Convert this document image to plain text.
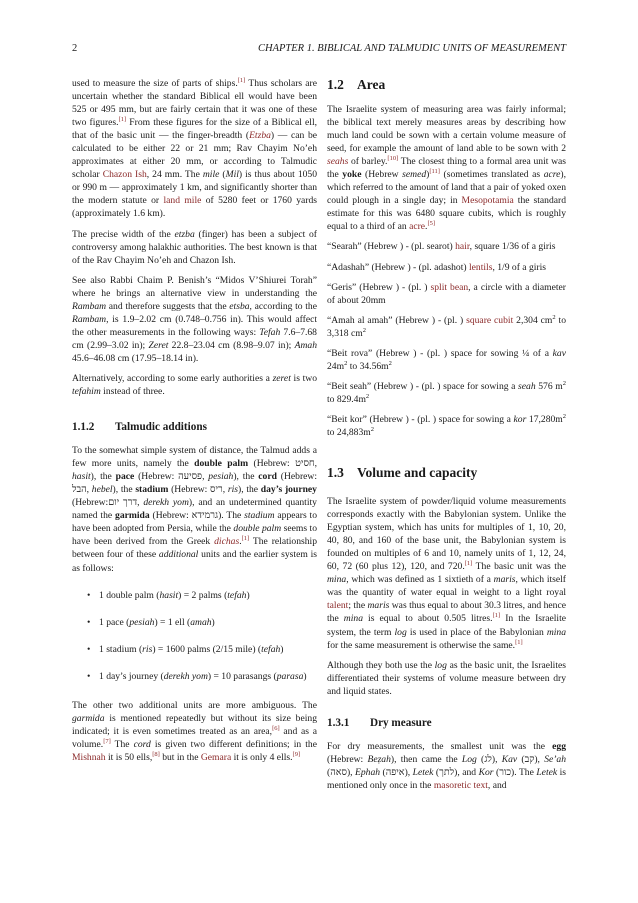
2	CHAPTER 1. BIBLICAL AND TALMUDIC UNITS OF MEASUREMENT

used to measure the size of parts of ships.[1] Thus scholars are uncertain whether the standard Biblical ell would have been 525 or 495 mm, but are fairly certain that it was one of these two figures.[1] From these figures for the size of a Biblical ell, that of the basic unit — the finger-breadth (Etzba) — can be calculated to be either 22 or 21 mm; Rav Chayim No’eh approximates at either 20 mm, or according to Talmudic scholar Chazon Ish, 24 mm. The mile (Mil) is thus about 1050 or 990 m — approximately 1 km, and significantly shorter than the modern statute or land mile of 5280 feet or 1760 yards (approximately 1.6 km).

The precise width of the etzba (finger) has been a subject of controversy among halakhic authorities. The best known is that of the Rav Chayim No’eh and Chazon Ish.

See also Rabbi Chaim P. Benish’s “Midos V’Shiurei Torah” where he brings an alternative view in understanding the Rambam and therefore suggests that the etsba, according to the Rambam, is 1.9–2.02 cm (0.748–0.756 in). This would affect the other measurements in the following ways: Tefah 7.6–7.68 cm (2.99–3.02 in); Zeret 22.8–23.04 cm (8.98–9.07 in); Amah 45.6–46.08 cm (17.95–18.14 in).

Alternatively, according to some early authorities a zeret is two tefahim instead of three.

1.1.2 Talmudic additions

To the somewhat simple system of distance, the Talmud adds a few more units, namely the double palm (Hebrew: חסיט, hasit), the pace (Hebrew: פסיעה, pesiah), the cord (Hebrew: הבל, hebel), the stadium (Hebrew: ריס, ris), the day’s journey (Hebrew:דרך יום, derekh yom), and an undetermined quantity named the garmida (Hebrew: גרמידא). The stadium appears to have been adopted from Persia, while the double palm seems to have been derived from the Greek dichas.[1] The relationship between four of these additional units and the earlier system is as follows:

• 1 double palm (hasit) = 2 palms (tefah)
• 1 pace (pesiah) = 1 ell (amah)
• 1 stadium (ris) = 1600 palms (2/15 mile) (tefah)
• 1 day’s journey (derekh yom) = 10 parasangs (parasa)

The other two additional units are more ambiguous. The garmida is mentioned repeatedly but without its size being indicated; it is even sometimes treated as an area,[6] and as a volume.[7] The cord is given two different definitions; in the Mishnah it is 50 ells,[8] but in the Gemara it is only 4 ells.[9]

1.2 Area

The Israelite system of measuring area was fairly informal; the biblical text merely measures areas by describing how much land could be sown with a certain volume measure of seed, for example the amount of land able to be sown with 2 seahs of barley.[10] The closest thing to a formal area unit was the yoke (Hebrew semed)[11] (sometimes translated as acre), which referred to the amount of land that a pair of yoked oxen could plough in a single day; in Mesopotamia the standard estimate for this was 6480 square cubits, which is roughly equal to a third of an acre.[5]

“Searah” (Hebrew ) - (pl. searot) hair, square 1/36 of a giris

“Adashah” (Hebrew ) - (pl. adashot) lentils, 1/9 of a giris

“Geris” (Hebrew ) - (pl. ) split bean, a circle with a diameter of about 20mm

“Amah al amah” (Hebrew ) - (pl. ) square cubit 2,304 $cm^2$ to 3,318 $cm^2$

“Beit rova” (Hebrew ) - (pl. ) space for sowing ¼ of a kav $24m^2$ to $34.56m^2$

“Beit seah” (Hebrew ) - (pl. ) space for sowing a seah 576 $m^2$ to $829.4m^2$

“Beit kor” (Hebrew ) - (pl. ) space for sowing a kor $17,280m^2$ to $24,883m^2$

1.3 Volume and capacity

The Israelite system of powder/liquid volume measurements corresponds exactly with the Babylonian system. Unlike the Egyptian system, which has units for multiples of 1, 10, 20, 40, 80, and 160 of the base unit, the Babylonian system is founded on multiples of 6 and 10, namely units of 1, 12, 24, 60, 72 (60 plus 12), 120, and 720.[1] The basic unit was the mina, which was defined as 1 sixtieth of a maris, which itself was the quantity of water equal in weight to a light royal talent; the maris was thus equal to about 30.3 litres, and hence the mina is equal to about 0.505 litres.[1] In the Israelite system, the term log is used in place of the Babylonian mina for the same measurement is otherwise the same.[1]

Although they both use the log as the basic unit, the Israelites differentiated their systems of volume measure between dry and liquid states.

1.3.1 Dry measure

For dry measurements, the smallest unit was the egg (Hebrew: Beẓah), then came the Log (לג), Kav (קב), Se’ah (סאה), Ephah (איפה), Letek (לתך), and Kor (כור). The Letek is mentioned only once in the masoretic text, and
